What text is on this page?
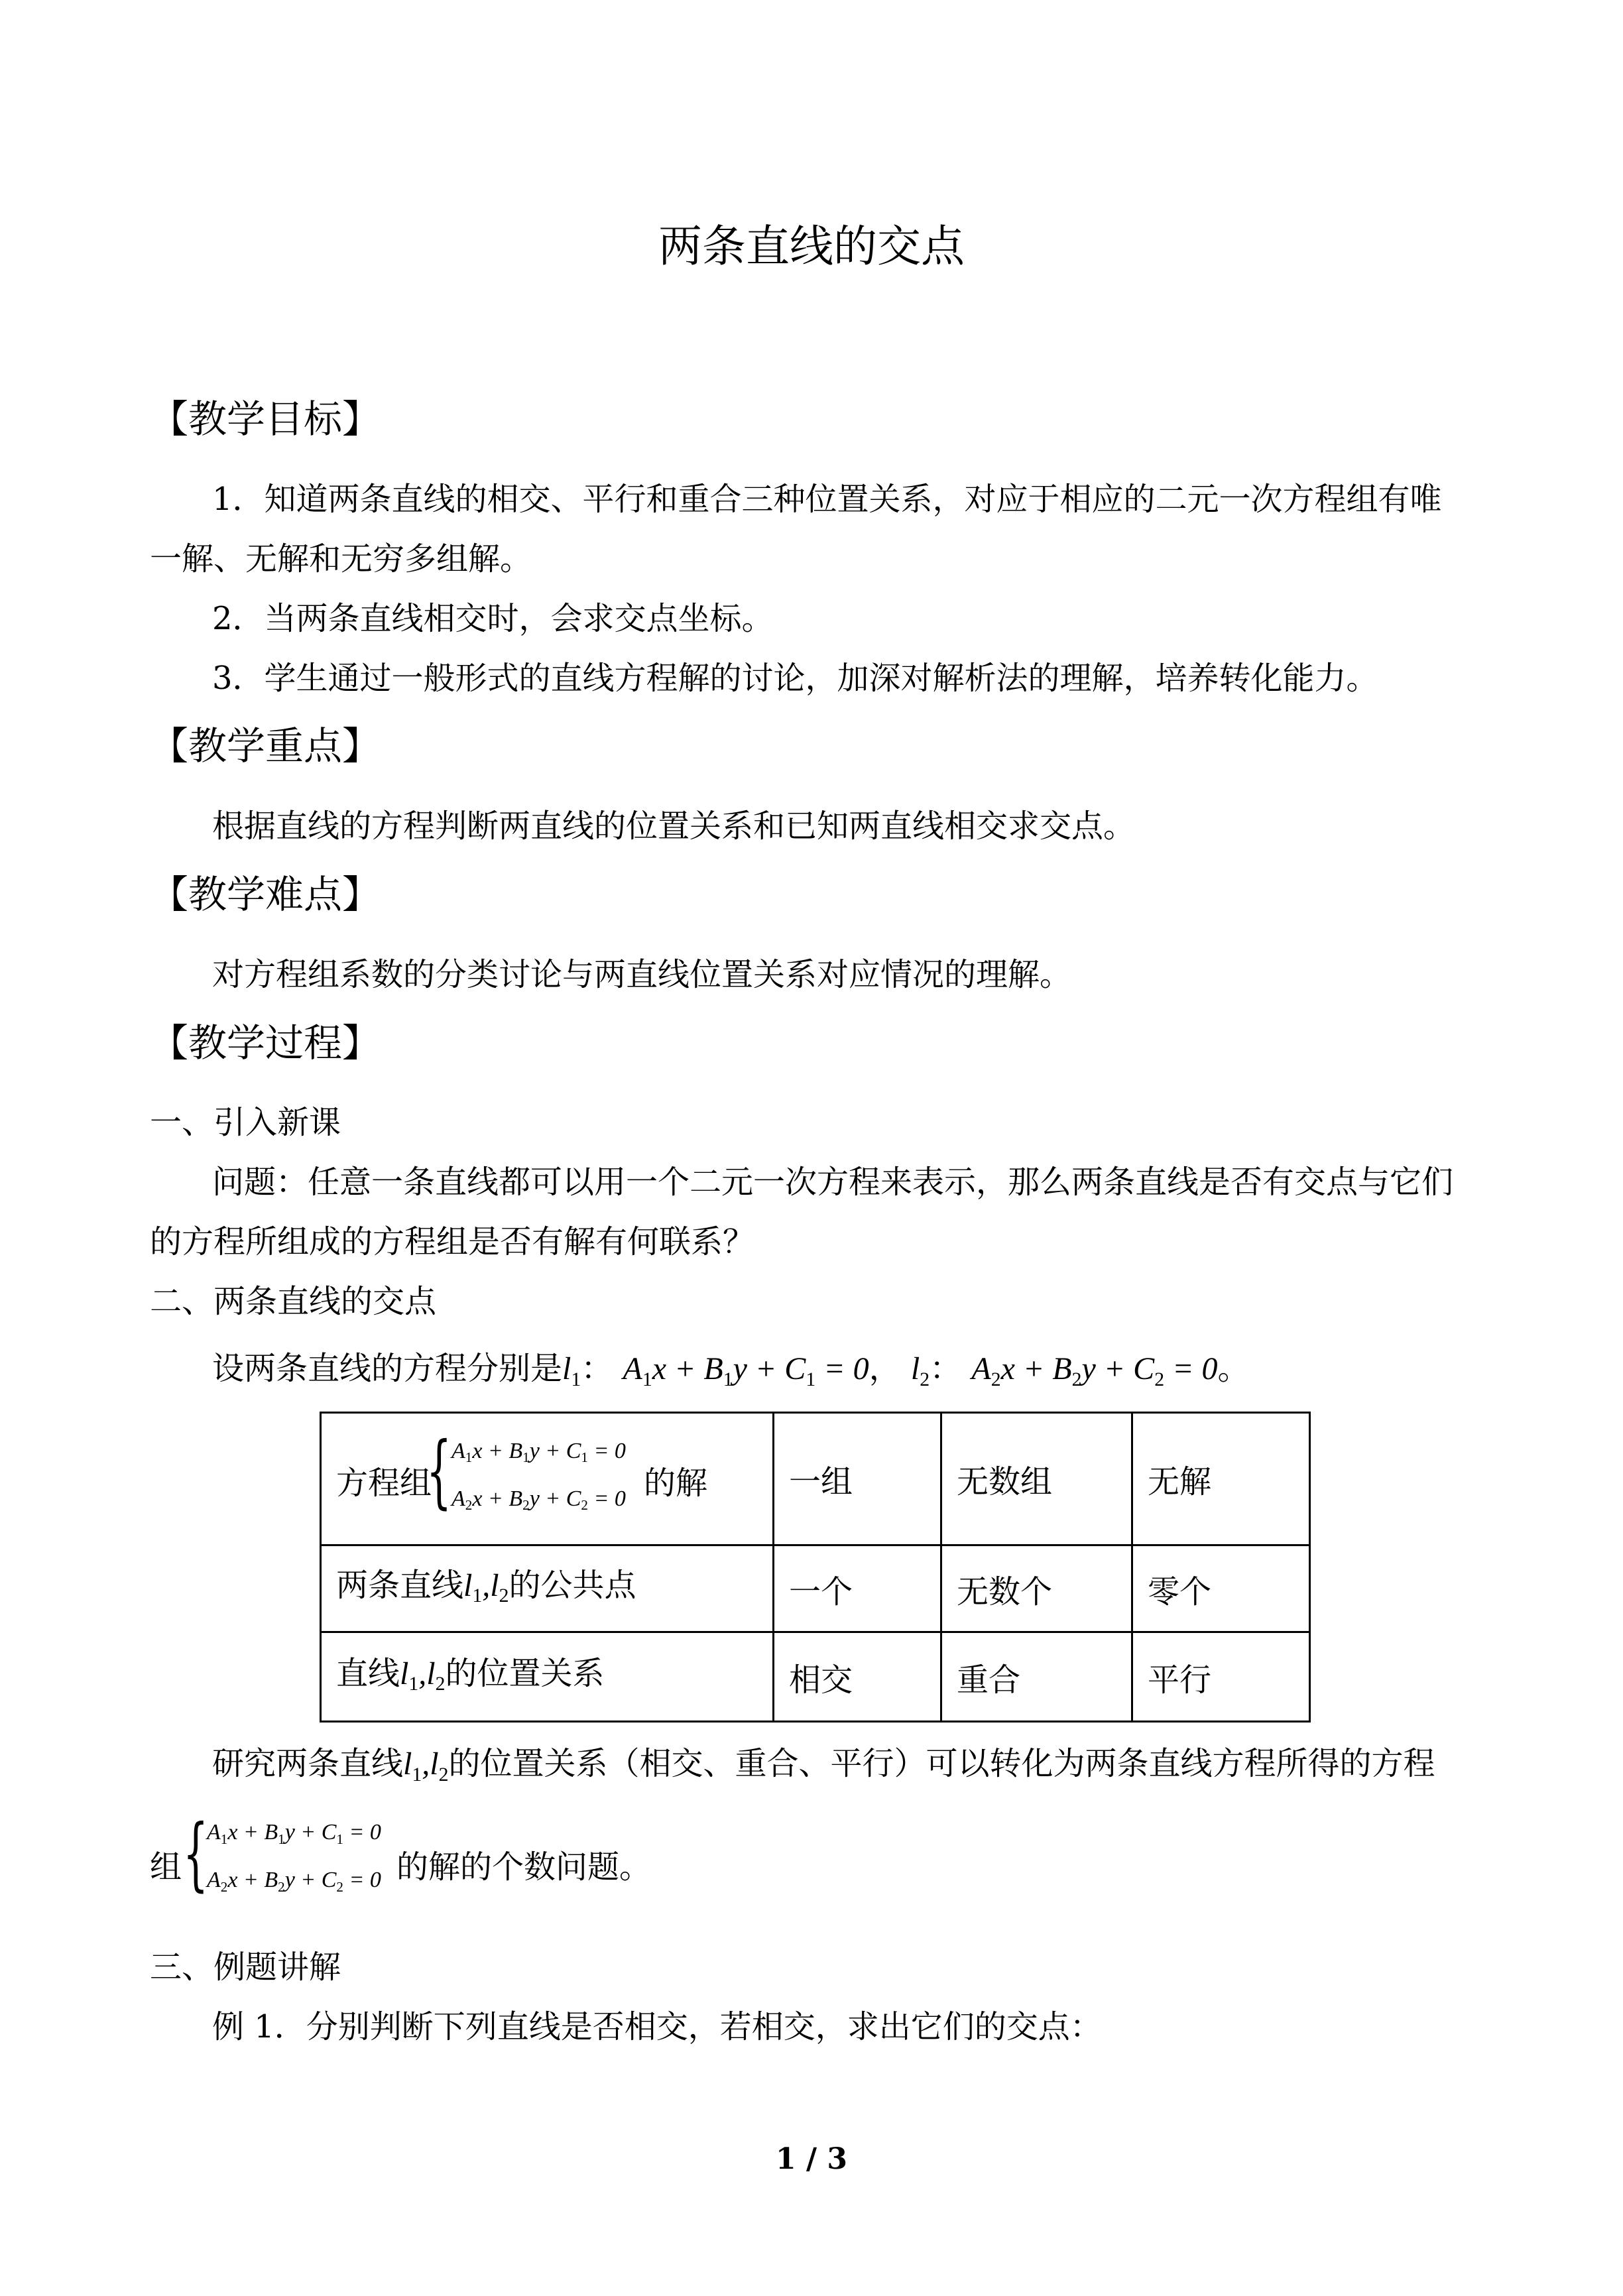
两条直线的交点
【教学目标】
1．知道两条直线的相交、平行和重合三种位置关系，对应于相应的二元一次方程组有唯
一解、无解和无穷多组解。
2．当两条直线相交时，会求交点坐标。
3．学生通过一般形式的直线方程解的讨论，加深对解析法的理解，培养转化能力。
【教学重点】
根据直线的方程判断两直线的位置关系和已知两直线相交求交点。
【教学难点】
对方程组系数的分类讨论与两直线位置关系对应情况的理解。
【教学过程】
一、引入新课
问题：任意一条直线都可以用一个二元一次方程来表示，那么两条直线是否有交点与它们
的方程所组成的方程组是否有解有何联系？
二、两条直线的交点
设两条直线的方程分别是l1： A1x + B1y + C1 = 0， l2： A2x + B2y + C2 = 0。
方程组
{ A1x + B1y + C1 = 0
A2x + B2y + C2 = 0 的解	一组	无数组	无解

两条直线l1,l2的公共点	一个	无数个	零个

直线l1,l2的位置关系	相交	重合	平行
研究两条直线l1,l2的位置关系（相交、重合、平行）可以转化为两条直线方程所得的方程
组 {
A1x + B1y + C1 = 0
A2x + B2y + C2 = 0 的解的个数问题。
三、例题讲解
例 1．分别判断下列直线是否相交，若相交，求出它们的交点：
1 / 3
